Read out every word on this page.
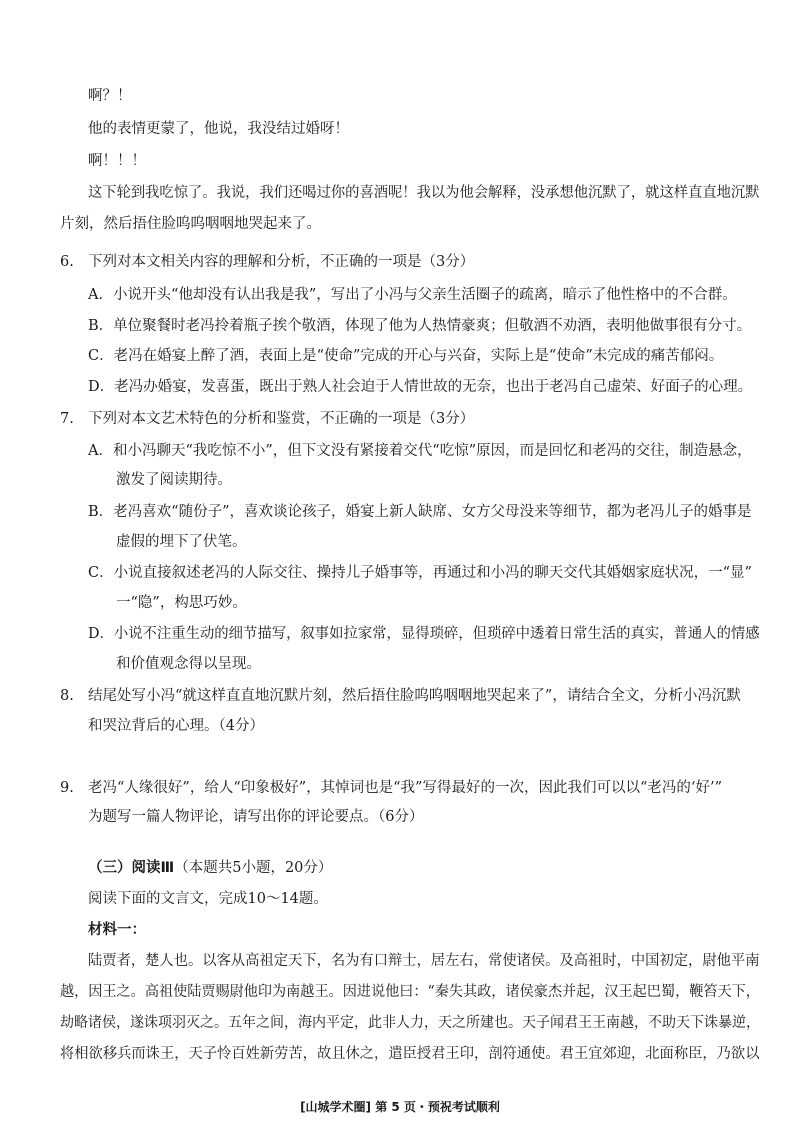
啊？！
他的表情更蒙了，他说，我没结过婚呀！
啊！！！
这下轮到我吃惊了。我说，我们还喝过你的喜酒呢！我以为他会解释，没承想他沉默了，就这样直直地沉默
片刻，然后捂住脸呜呜咽咽地哭起来了。
6. 下列对本文相关内容的理解和分析，不正确的一项是（3分）
A．小说开头“他却没有认出我是我”，写出了小冯与父亲生活圈子的疏离，暗示了他性格中的不合群。
B．单位聚餐时老冯拎着瓶子挨个敬酒，体现了他为人热情豪爽；但敬酒不劝酒，表明他做事很有分寸。
C．老冯在婚宴上醉了酒，表面上是“使命”完成的开心与兴奋，实际上是“使命”未完成的痛苦郁闷。
D．老冯办婚宴，发喜蛋，既出于熟人社会迫于人情世故的无奈，也出于老冯自己虚荣、好面子的心理。
7. 下列对本文艺术特色的分析和鉴赏，不正确的一项是（3分）
A．和小冯聊天“我吃惊不小”，但下文没有紧接着交代“吃惊”原因，而是回忆和老冯的交往，制造悬念，
激发了阅读期待。
B．老冯喜欢“随份子”，喜欢谈论孩子，婚宴上新人缺席、女方父母没来等细节，都为老冯儿子的婚事是
虚假的埋下了伏笔。
C．小说直接叙述老冯的人际交往、操持儿子婚事等，再通过和小冯的聊天交代其婚姻家庭状况，一“显”
一“隐”，构思巧妙。
D．小说不注重生动的细节描写，叙事如拉家常，显得琐碎，但琐碎中透着日常生活的真实，普通人的情感
和价值观念得以呈现。
8. 结尾处写小冯“就这样直直地沉默片刻，然后捂住脸呜呜咽咽地哭起来了”，请结合全文，分析小冯沉默
和哭泣背后的心理。（4分）
9. 老冯“人缘很好”，给人“印象极好”，其悼词也是“我”写得最好的一次，因此我们可以以“老冯的‘好’”
为题写一篇人物评论，请写出你的评论要点。（6分）
（三）阅读Ⅲ（本题共5小题，20分）
阅读下面的文言文，完成10～14题。
材料一：
陆贾者，楚人也。以客从高祖定天下，名为有口辩士，居左右，常使诸侯。及高祖时，中国初定，尉他平南
越，因王之。高祖使陆贾赐尉他印为南越王。因进说他曰：“秦失其政，诸侯豪杰并起，汉王起巴蜀，鞭笞天下，
劫略诸侯，遂诛项羽灭之。五年之间，海内平定，此非人力，天之所建也。天子闻君王王南越，不助天下诛暴逆，
将相欲移兵而诛王，天子怜百姓新劳苦，故且休之，遣臣授君王印，剖符通使。君王宜郊迎，北面称臣，乃欲以
[山城学术圈] 第 5 页・预祝考试顺利
